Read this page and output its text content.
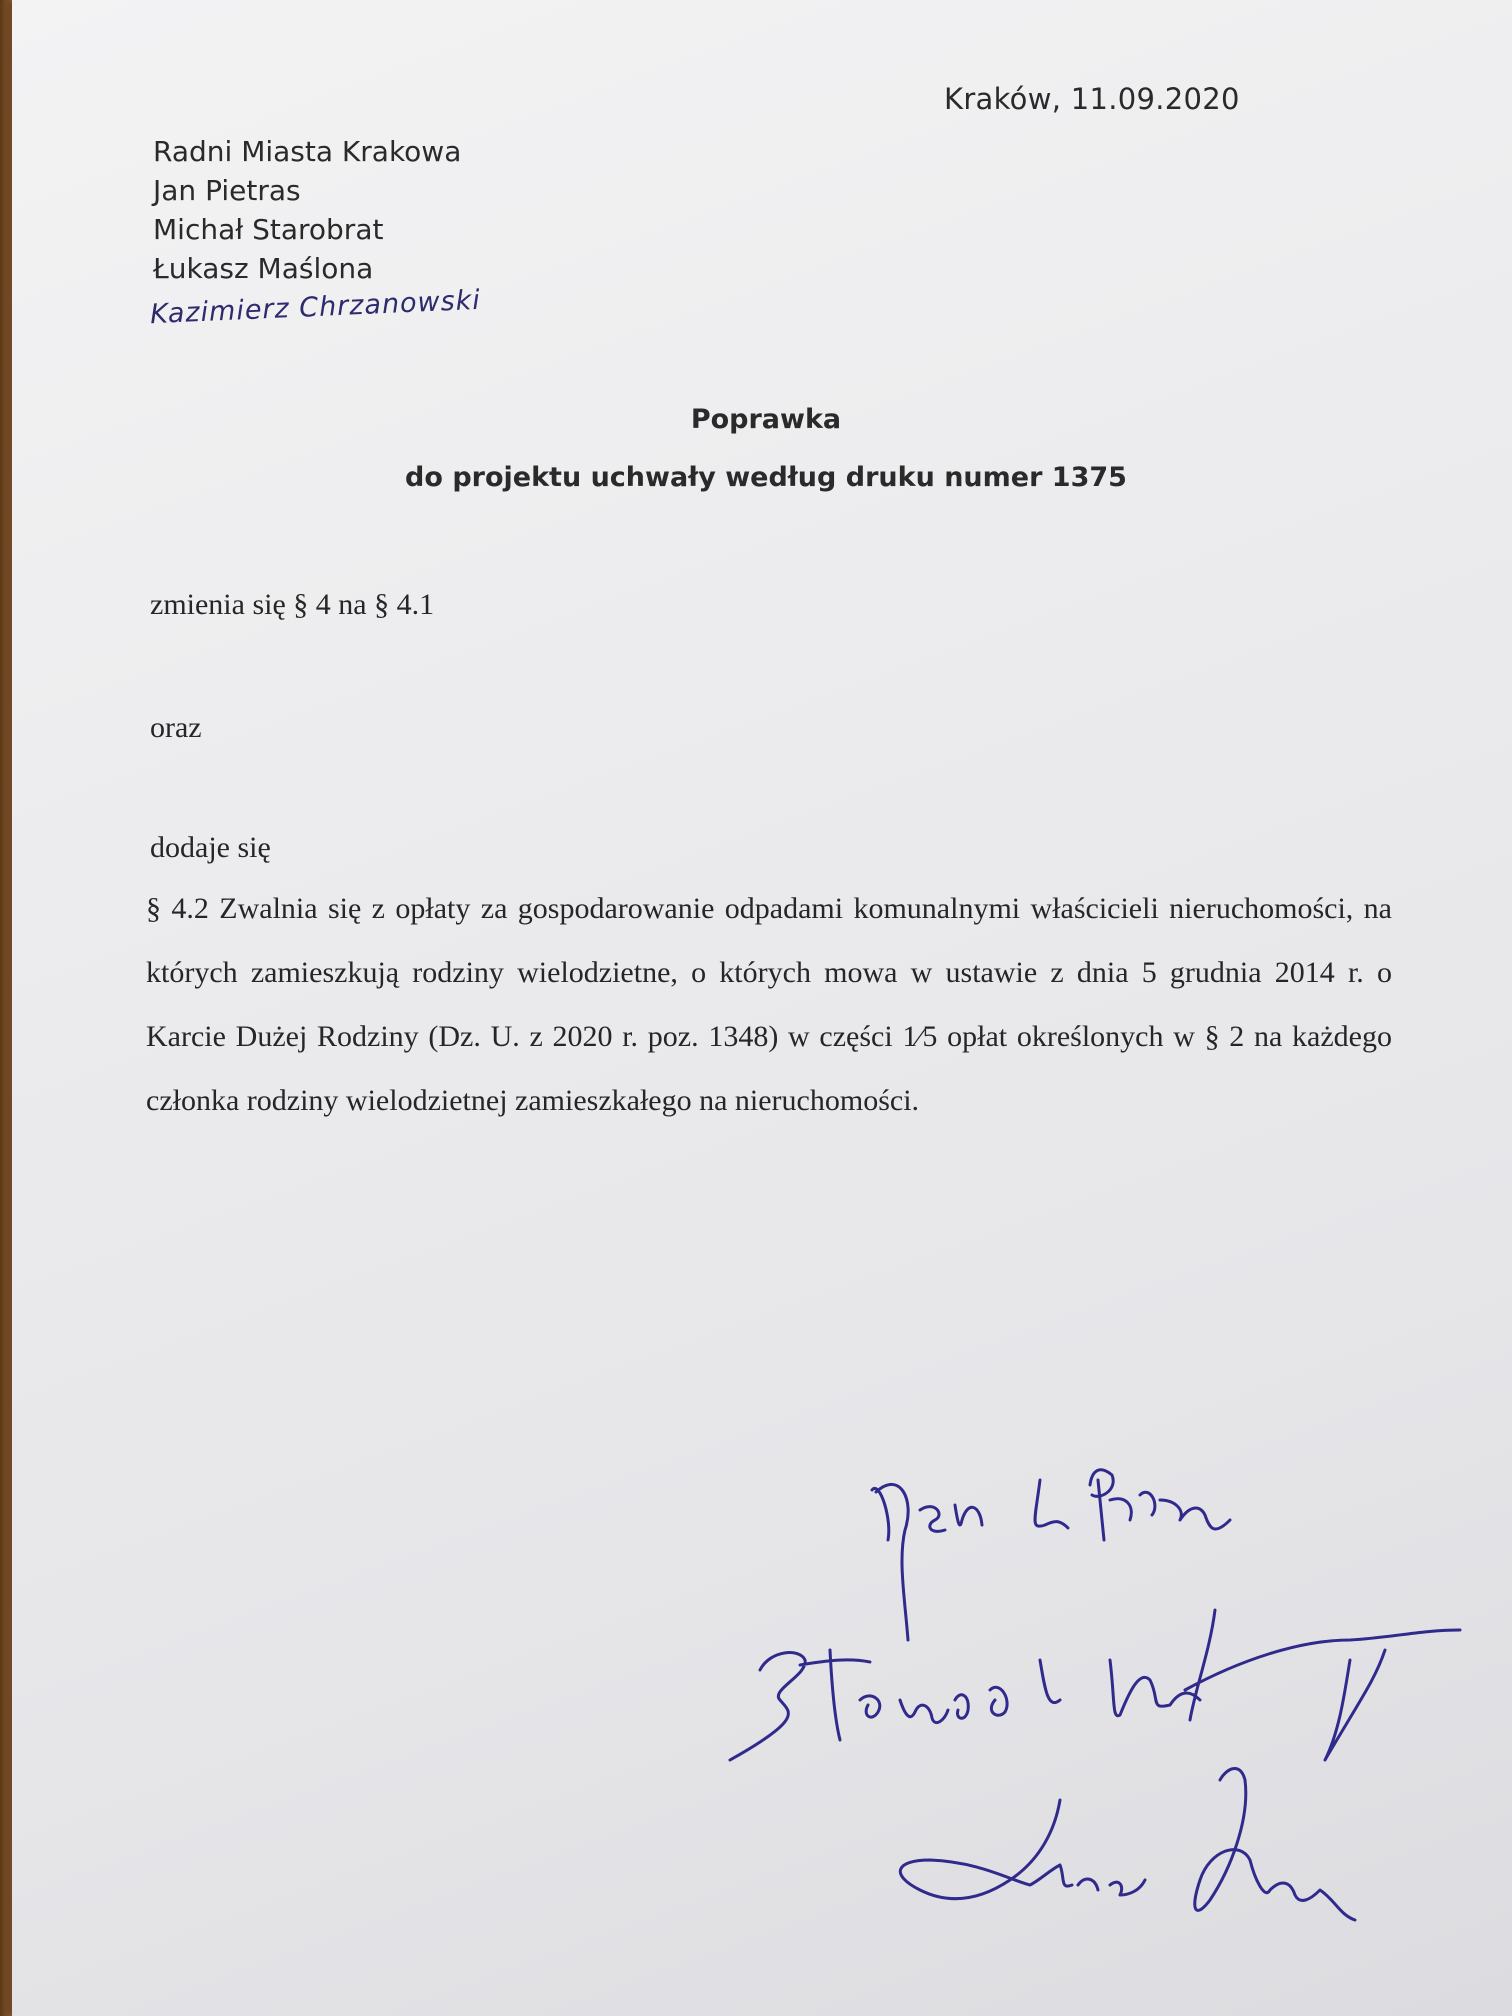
Kraków, 11.09.2020
Radni Miasta Krakowa
Jan Pietras
Michał Starobrat
Łukasz Maślona
Kazimierz Chrzanowski
Poprawka
do projektu uchwały według druku numer 1375
zmienia się § 4 na § 4.1
oraz
dodaje się
§ 4.2 Zwalnia się z opłaty za gospodarowanie odpadami komunalnymi właścicieli nieruchomości, na których zamieszkują rodziny wielodzietne, o których mowa w ustawie z dnia 5 grudnia 2014 r. o Karcie Dużej Rodziny (Dz. U. z 2020 r. poz. 1348) w części 1⁄5 opłat określonych w § 2 na każdego członka rodziny wielodzietnej zamieszkałego na nieruchomości.
